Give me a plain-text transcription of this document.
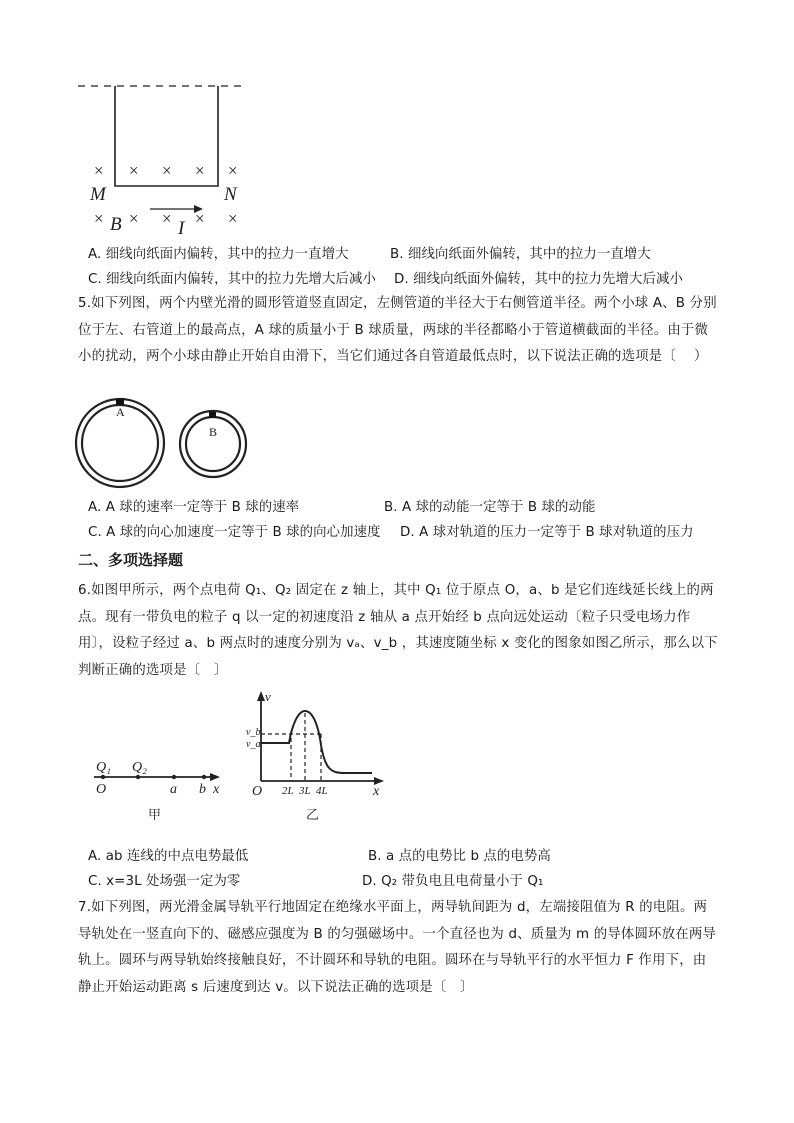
× × × × ×
× × × × ×
M	N
B	I
A. 细线向纸面内偏转，其中的拉力一直增大	B. 细线向纸面外偏转，其中的拉力一直增大
C. 细线向纸面内偏转，其中的拉力先增大后减小 D. 细线向纸面外偏转，其中的拉力先增大后减小
5.如下列图，两个内壁光滑的圆形管道竖直固定，左侧管道的半径大于右侧管道半径。两个小球 A、B 分别位于左、右管道上的最高点，A 球的质量小于 B 球质量，两球的半径都略小于管道横截面的半径。由于微小的扰动，两个小球由静止开始自由滑下，当它们通过各自管道最低点时，以下说法正确的选项是〔 　）
A
B
A. A 球的速率一定等于 B 球的速率	B. A 球的动能一定等于 B 球的动能
C. A 球的向心加速度一定等于 B 球的向心加速度 D. A 球对轨道的压力一定等于 B 球对轨道的压力
二、多项选择题
6.如图甲所示，两个点电荷 Q₁、Q₂ 固定在 z 轴上，其中 Q₁ 位于原点 O，a、b 是它们连线延长线上的两点。现有一带负电的粒子 q 以一定的初速度沿 z 轴从 a 点开始经 b 点向远处运动〔粒子只受电场力作用〕，设粒子经过 a、b 两点时的速度分别为 vₐ、v_b ，其速度随坐标 x 变化的图象如图乙所示，那么以下判断正确的选项是〔　〕
Q₁ Q₂
O	a b x
甲
v
v_b
v_a
O 2L 3L 4L	x
乙
A. ab 连线的中点电势最低	B. a 点的电势比 b 点的电势高
C. x=3L 处场强一定为零	D. Q₂ 带负电且电荷量小于 Q₁
7.如下列图，两光滑金属导轨平行地固定在绝缘水平面上，两导轨间距为 d，左端接阻值为 R 的电阻。两导轨处在一竖直向下的、磁感应强度为 B 的匀强磁场中。一个直径也为 d、质量为 m 的导体圆环放在两导轨上。圆环与两导轨始终接触良好，不计圆环和导轨的电阻。圆环在与导轨平行的水平恒力 F 作用下，由静止开始运动距离 s 后速度到达 v。以下说法正确的选项是〔　〕
